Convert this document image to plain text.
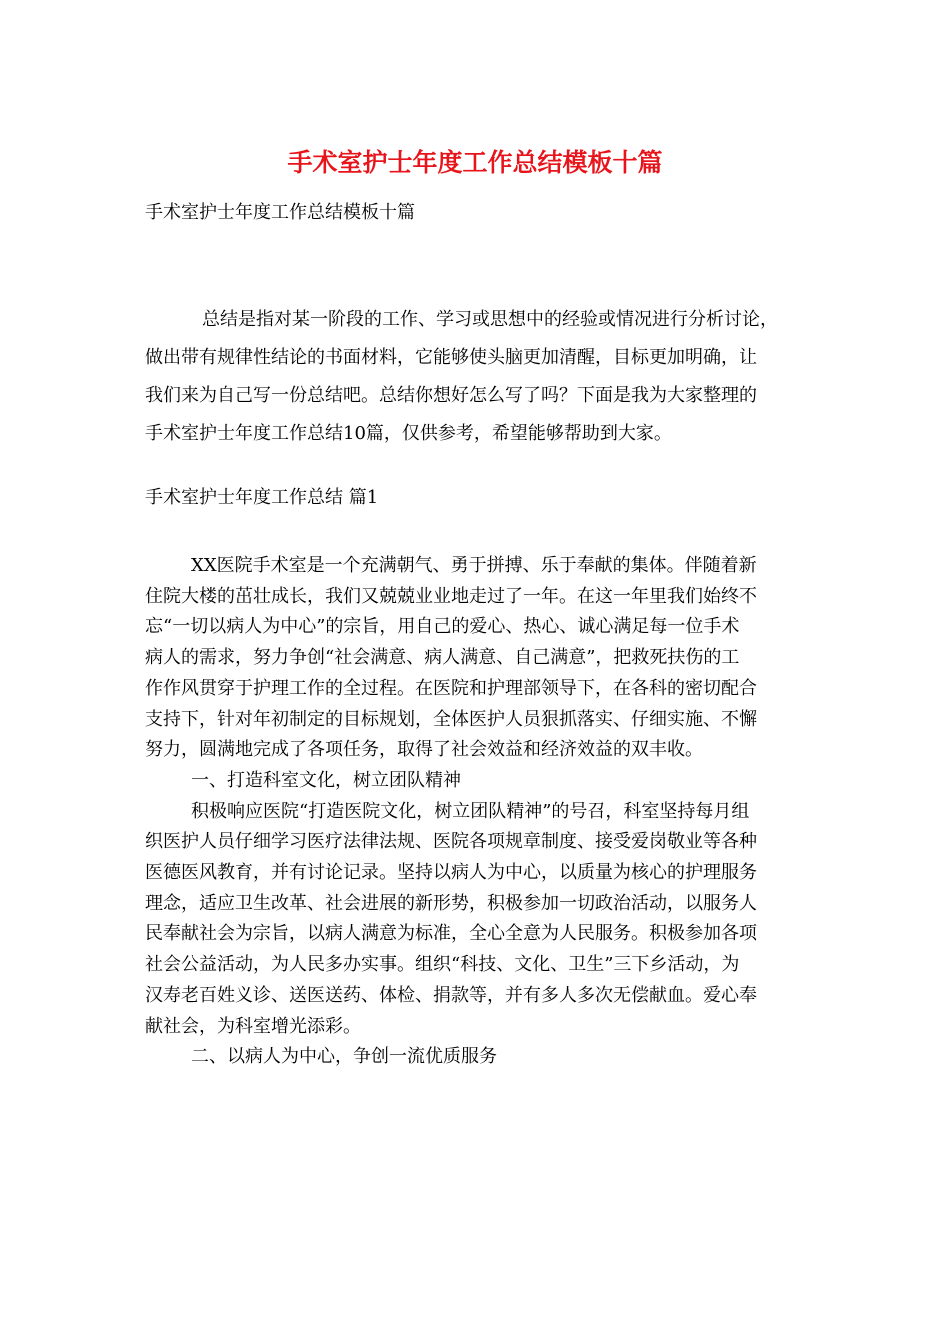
手术室护士年度工作总结模板十篇
手术室护士年度工作总结模板十篇
总结是指对某一阶段的工作、学习或思想中的经验或情况进行分析讨论，
做出带有规律性结论的书面材料，它能够使头脑更加清醒，目标更加明确，让
我们来为自己写一份总结吧。总结你想好怎么写了吗？下面是我为大家整理的
手术室护士年度工作总结10篇，仅供参考，希望能够帮助到大家。
手术室护士年度工作总结 篇1
XX医院手术室是一个充满朝气、勇于拼搏、乐于奉献的集体。伴随着新
住院大楼的茁壮成长，我们又兢兢业业地走过了一年。在这一年里我们始终不
忘“一切以病人为中心”的宗旨，用自己的爱心、热心、诚心满足每一位手术
病人的需求，努力争创“社会满意、病人满意、自己满意”，把救死扶伤的工
作作风贯穿于护理工作的全过程。在医院和护理部领导下，在各科的密切配合
支持下，针对年初制定的目标规划，全体医护人员狠抓落实、仔细实施、不懈
努力，圆满地完成了各项任务，取得了社会效益和经济效益的双丰收。
一、打造科室文化，树立团队精神
积极响应医院“打造医院文化，树立团队精神”的号召，科室坚持每月组
织医护人员仔细学习医疗法律法规、医院各项规章制度、接受爱岗敬业等各种
医德医风教育，并有讨论记录。坚持以病人为中心，以质量为核心的护理服务
理念，适应卫生改革、社会进展的新形势，积极参加一切政治活动，以服务人
民奉献社会为宗旨，以病人满意为标准，全心全意为人民服务。积极参加各项
社会公益活动，为人民多办实事。组织“科技、文化、卫生”三下乡活动，为
汉寿老百姓义诊、送医送药、体检、捐款等，并有多人多次无偿献血。爱心奉
献社会，为科室增光添彩。
二、以病人为中心，争创一流优质服务
